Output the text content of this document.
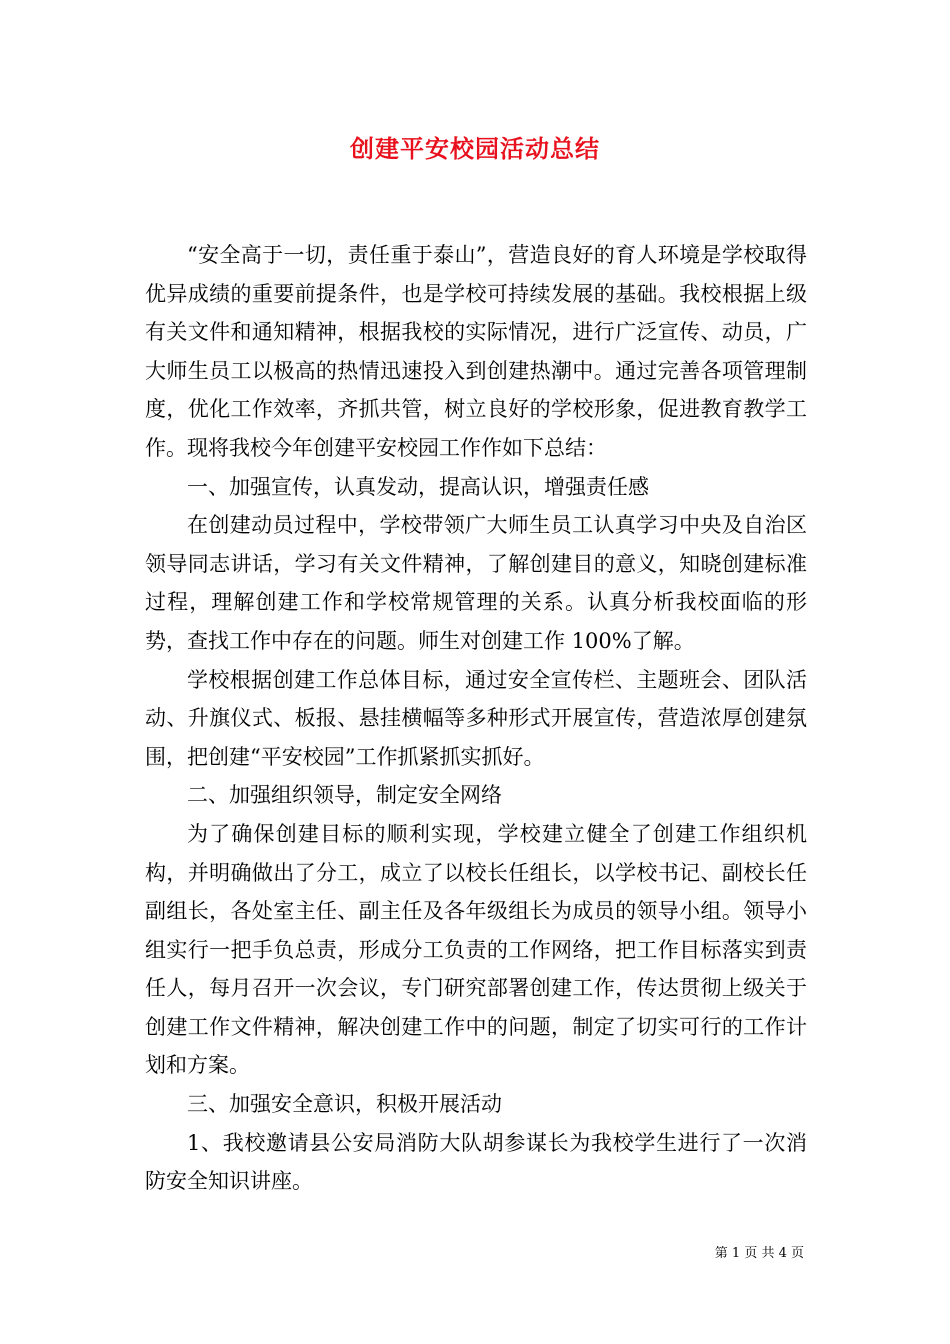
创建平安校园活动总结

“安全高于一切，责任重于泰山”，营造良好的育人环境是学校取得优异成绩的重要前提条件，也是学校可持续发展的基础。我校根据上级有关文件和通知精神，根据我校的实际情况，进行广泛宣传、动员，广大师生员工以极高的热情迅速投入到创建热潮中。通过完善各项管理制度，优化工作效率，齐抓共管，树立良好的学校形象，促进教育教学工作。现将我校今年创建平安校园工作作如下总结：

一、加强宣传，认真发动，提高认识，增强责任感

在创建动员过程中，学校带领广大师生员工认真学习中央及自治区领导同志讲话，学习有关文件精神，了解创建目的意义，知晓创建标准过程，理解创建工作和学校常规管理的关系。认真分析我校面临的形势，查找工作中存在的问题。师生对创建工作 100%了解。

学校根据创建工作总体目标，通过安全宣传栏、主题班会、团队活动、升旗仪式、板报、悬挂横幅等多种形式开展宣传，营造浓厚创建氛围，把创建“平安校园”工作抓紧抓实抓好。

二、加强组织领导，制定安全网络

为了确保创建目标的顺利实现，学校建立健全了创建工作组织机构，并明确做出了分工，成立了以校长任组长，以学校书记、副校长任副组长，各处室主任、副主任及各年级组长为成员的领导小组。领导小组实行一把手负总责，形成分工负责的工作网络，把工作目标落实到责任人，每月召开一次会议，专门研究部署创建工作，传达贯彻上级关于创建工作文件精神，解决创建工作中的问题，制定了切实可行的工作计划和方案。

三、加强安全意识，积极开展活动

1、我校邀请县公安局消防大队胡参谋长为我校学生进行了一次消防安全知识讲座。

第 1 页 共 4 页
